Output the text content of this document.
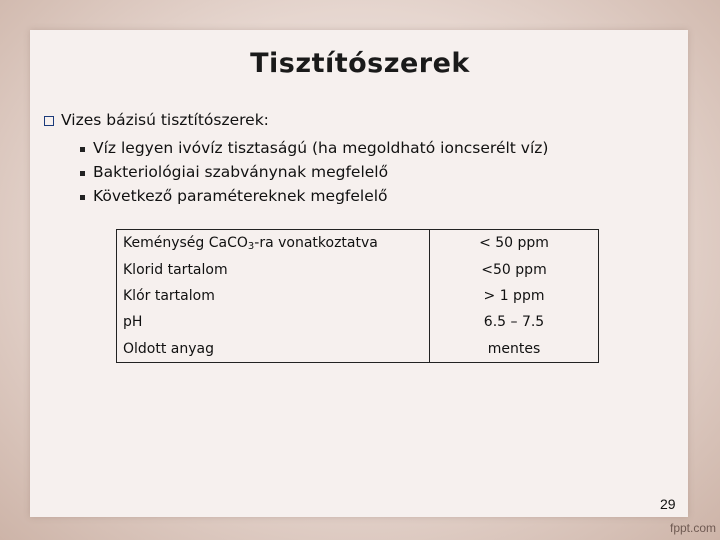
Tisztítószerek
Vizes bázisú tisztítószerek:
Víz legyen ivóvíz tisztaságú (ha megoldható ioncserélt víz)
Bakteriológiai szabványnak megfelelő
Következő paramétereknek megfelelő
Keménység CaCO$_3$-ra vonatkoztatva	< 50 ppm
Klorid tartalom	<50 ppm
Klór tartalom	> 1 ppm
pH	6.5 – 7.5
Oldott anyag	mentes
29
fppt.com
